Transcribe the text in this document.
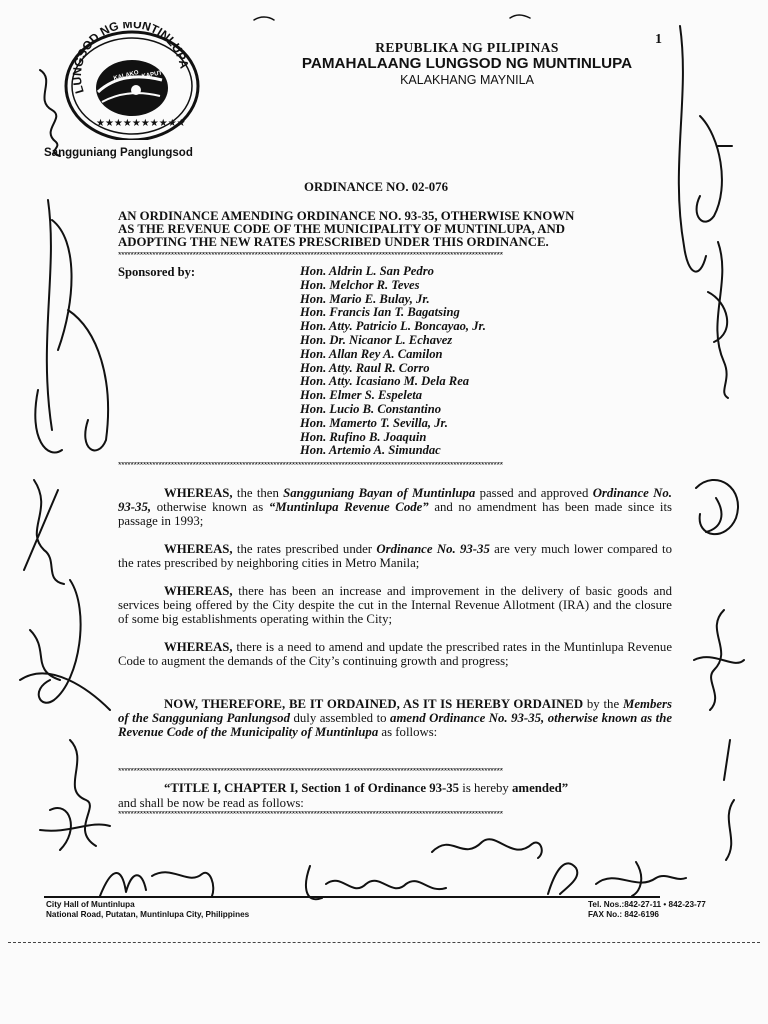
LUNGSOD NG MUNTINLUPA
KALAKO KAPUT
★★★★★★★★★★
1
REPUBLIKA NG PILIPINAS
PAMAHALAANG LUNGSOD NG MUNTINLUPA
KALAKHANG MAYNILA
Sangguniang Panglungsod
ORDINANCE NO. 02-076
AN ORDINANCE AMENDING ORDINANCE NO. 93-35, OTHERWISE KNOWN
AS THE REVENUE CODE OF THE MUNICIPALITY OF MUNTINLUPA, AND
ADOPTING THE NEW RATES PRESCRIBED UNDER THIS ORDINANCE.
****************************************************************************************************************************
Sponsored by:	Hon. Aldrin L. San Pedro
Hon. Melchor R. Teves
Hon. Mario E. Bulay, Jr.
Hon. Francis Ian T. Bagatsing
Hon. Atty. Patricio L. Boncayao, Jr.
Hon. Dr. Nicanor L. Echavez
Hon. Allan Rey A. Camilon
Hon. Atty. Raul R. Corro
Hon. Atty. Icasiano M. Dela Rea
Hon. Elmer S. Espeleta
Hon. Lucio B. Constantino
Hon. Mamerto T. Sevilla, Jr.
Hon. Rufino B. Joaquin
Hon. Artemio A. Simundac
****************************************************************************************************************************
WHEREAS, the then Sangguniang Bayan of Muntinlupa passed and approved Ordinance No. 93-35, otherwise known as “Muntinlupa Revenue Code” and no amendment has been made since its passage in 1993;
WHEREAS, the rates prescribed under Ordinance No. 93-35 are very much lower compared to the rates prescribed by neighboring cities in Metro Manila;
WHEREAS, there has been an increase and improvement in the delivery of basic goods and services being offered by the City despite the cut in the Internal Revenue Allotment (IRA) and the closure of some big establishments operating within the City;
WHEREAS, there is a need to amend and update the prescribed rates in the Muntinlupa Revenue Code to augment the demands of the City’s continuing growth and progress;
NOW, THEREFORE, BE IT ORDAINED, AS IT IS HEREBY ORDAINED by the Members of the Sangguniang Panlungsod duly assembled to amend Ordinance No. 93-35, otherwise known as the Revenue Code of the Municipality of Muntinlupa as follows:
****************************************************************************************************************************
“TITLE I, CHAPTER I, Section 1 of Ordinance 93-35 is hereby amended”
and shall be now be read as follows:
****************************************************************************************************************************
City Hall of Muntinlupa
National Road, Putatan, Muntinlupa City, Philippines
Tel. Nos.:842-27-11 • 842-23-77
FAX No.: 842-6196
